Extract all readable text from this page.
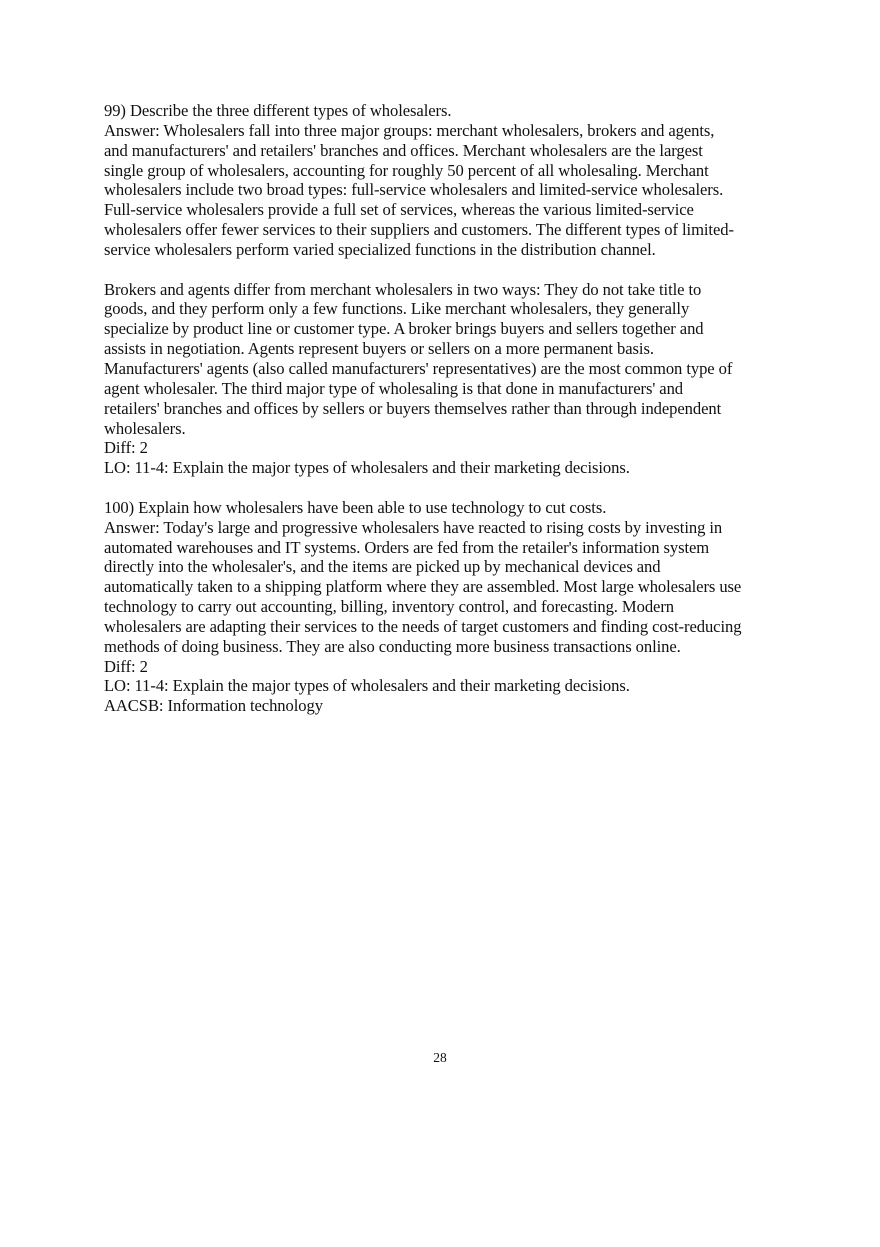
99) Describe the three different types of wholesalers.
Answer: Wholesalers fall into three major groups: merchant wholesalers, brokers and agents,
and manufacturers' and retailers' branches and offices. Merchant wholesalers are the largest
single group of wholesalers, accounting for roughly 50 percent of all wholesaling. Merchant
wholesalers include two broad types: full-service wholesalers and limited-service wholesalers.
Full-service wholesalers provide a full set of services, whereas the various limited-service
wholesalers offer fewer services to their suppliers and customers. The different types of limited-
service wholesalers perform varied specialized functions in the distribution channel.
Brokers and agents differ from merchant wholesalers in two ways: They do not take title to
goods, and they perform only a few functions. Like merchant wholesalers, they generally
specialize by product line or customer type. A broker brings buyers and sellers together and
assists in negotiation. Agents represent buyers or sellers on a more permanent basis.
Manufacturers' agents (also called manufacturers' representatives) are the most common type of
agent wholesaler. The third major type of wholesaling is that done in manufacturers' and
retailers' branches and offices by sellers or buyers themselves rather than through independent
wholesalers.
Diff: 2
LO: 11-4: Explain the major types of wholesalers and their marketing decisions.
100) Explain how wholesalers have been able to use technology to cut costs.
Answer: Today's large and progressive wholesalers have reacted to rising costs by investing in
automated warehouses and IT systems. Orders are fed from the retailer's information system
directly into the wholesaler's, and the items are picked up by mechanical devices and
automatically taken to a shipping platform where they are assembled. Most large wholesalers use
technology to carry out accounting, billing, inventory control, and forecasting. Modern
wholesalers are adapting their services to the needs of target customers and finding cost-reducing
methods of doing business. They are also conducting more business transactions online.
Diff: 2
LO: 11-4: Explain the major types of wholesalers and their marketing decisions.
AACSB: Information technology
28
